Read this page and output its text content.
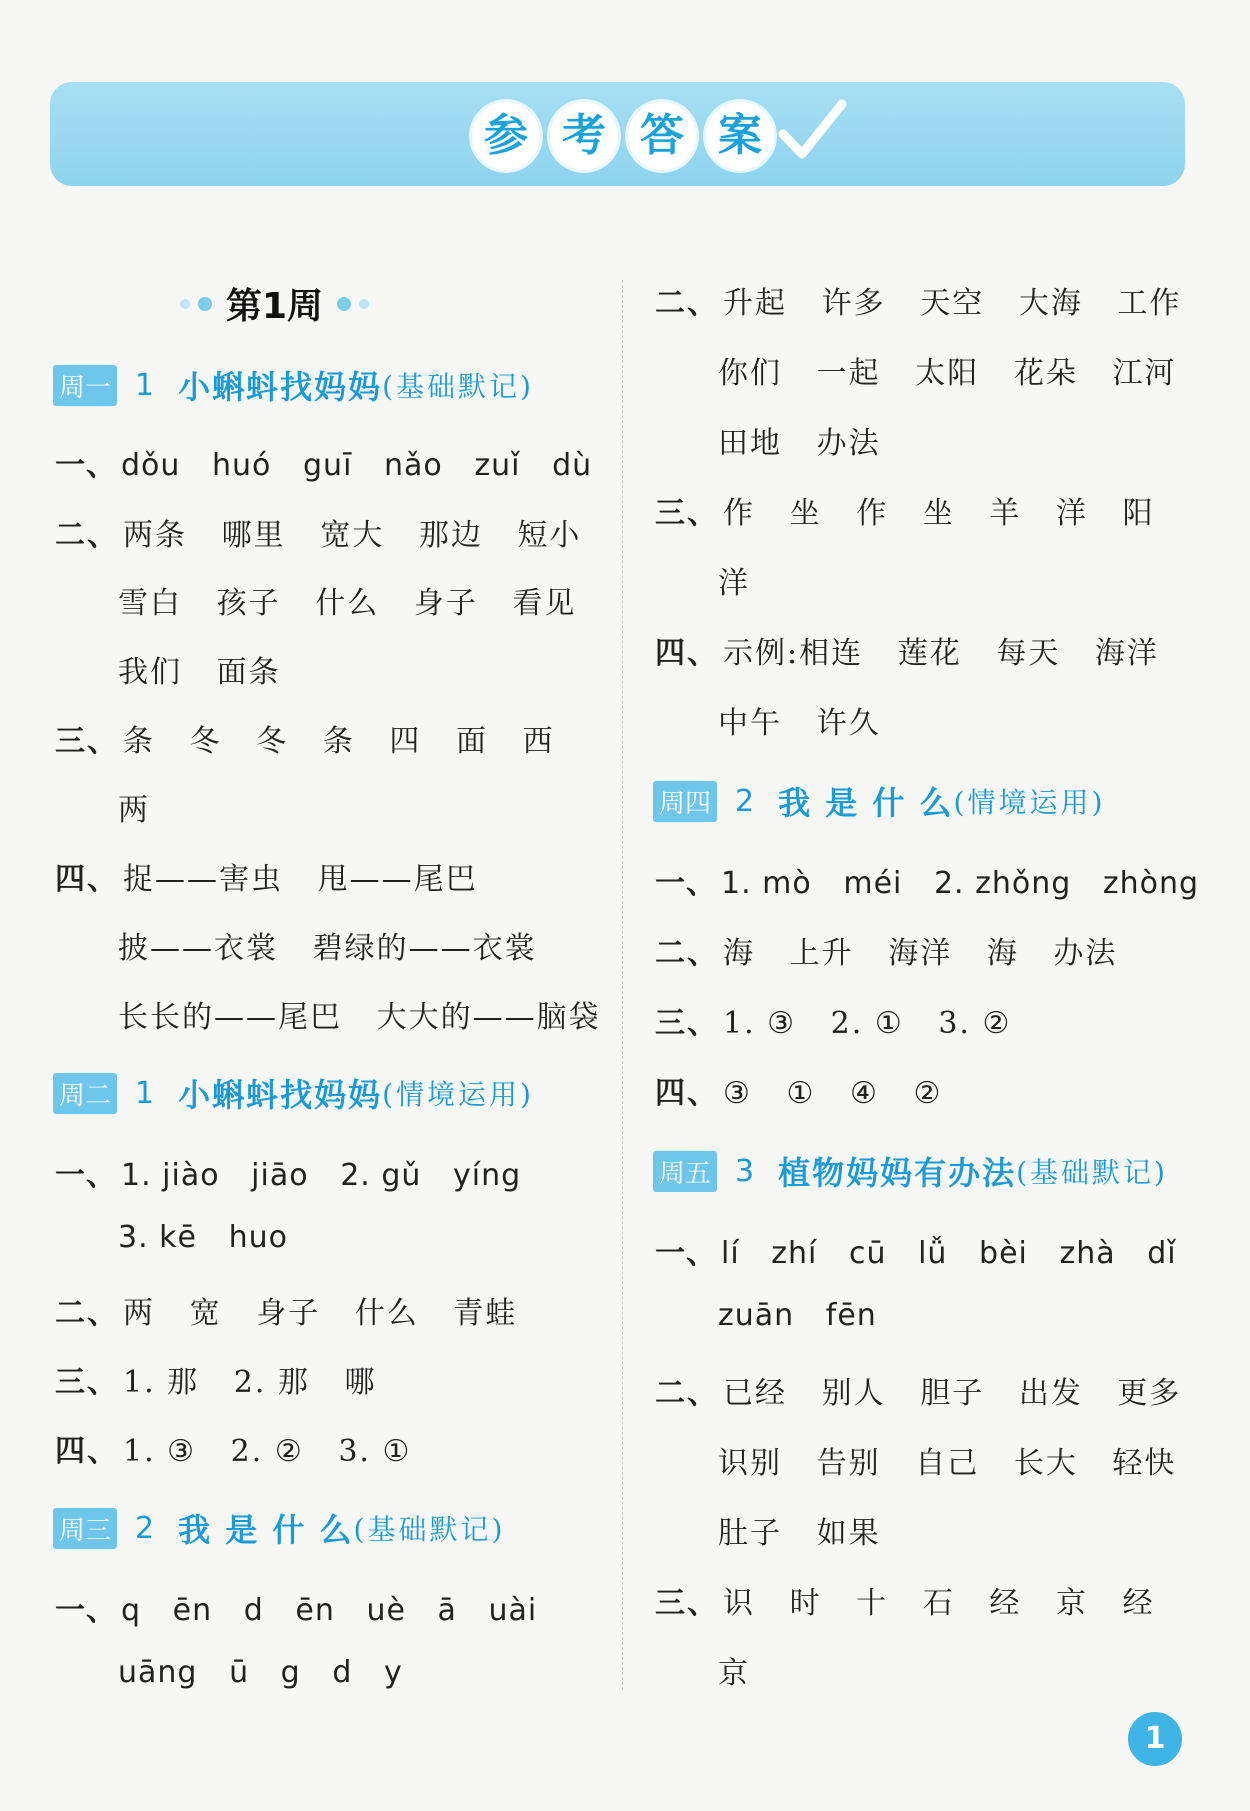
参 考 答 案
第1周
周一 1 小蝌蚪找妈妈 (基础默记)
一、 dǒu   huó   guī   nǎo   zuǐ   dù
二、 两条   哪里   宽大   那边   短小
雪白   孩子   什么   身子   看见
我们   面条
三、 条   冬   冬   条   四   面   西
两
四、 捉——害虫   甩——尾巴
披——衣裳   碧绿的——衣裳
长长的——尾巴   大大的——脑袋
周二 1 小蝌蚪找妈妈 (情境运用)
一、 1. jiào   jiāo   2. gǔ   yíng
3. kē   huo
二、 两   宽   身子   什么   青蛙
三、 1. 那   2. 那   哪
四、 1. ③   2. ②   3. ①
周三 2 我 是 什 么 (基础默记)
一、 q   ēn   d   ēn   uè   ā   uài
uāng   ū   g   d   y
二、 升起   许多   天空   大海   工作
你们   一起   太阳   花朵   江河
田地   办法
三、 作   坐   作   坐   羊   洋   阳
洋
四、 示例:相连   莲花   每天   海洋
中午   许久
周四 2 我 是 什 么 (情境运用)
一、 1. mò   méi   2. zhǒng   zhòng
二、 海   上升   海洋   海   办法
三、 1. ③   2. ①   3. ②
四、 ③   ①   ④   ②
周五 3 植物妈妈有办法 (基础默记)
一、 lí   zhí   cū   lǚ   bèi   zhà   dǐ
zuān   fēn
二、 已经   别人   胆子   出发   更多
识别   告别   自己   长大   轻快
肚子   如果
三、 识   时   十   石   经   京   经
京
1
